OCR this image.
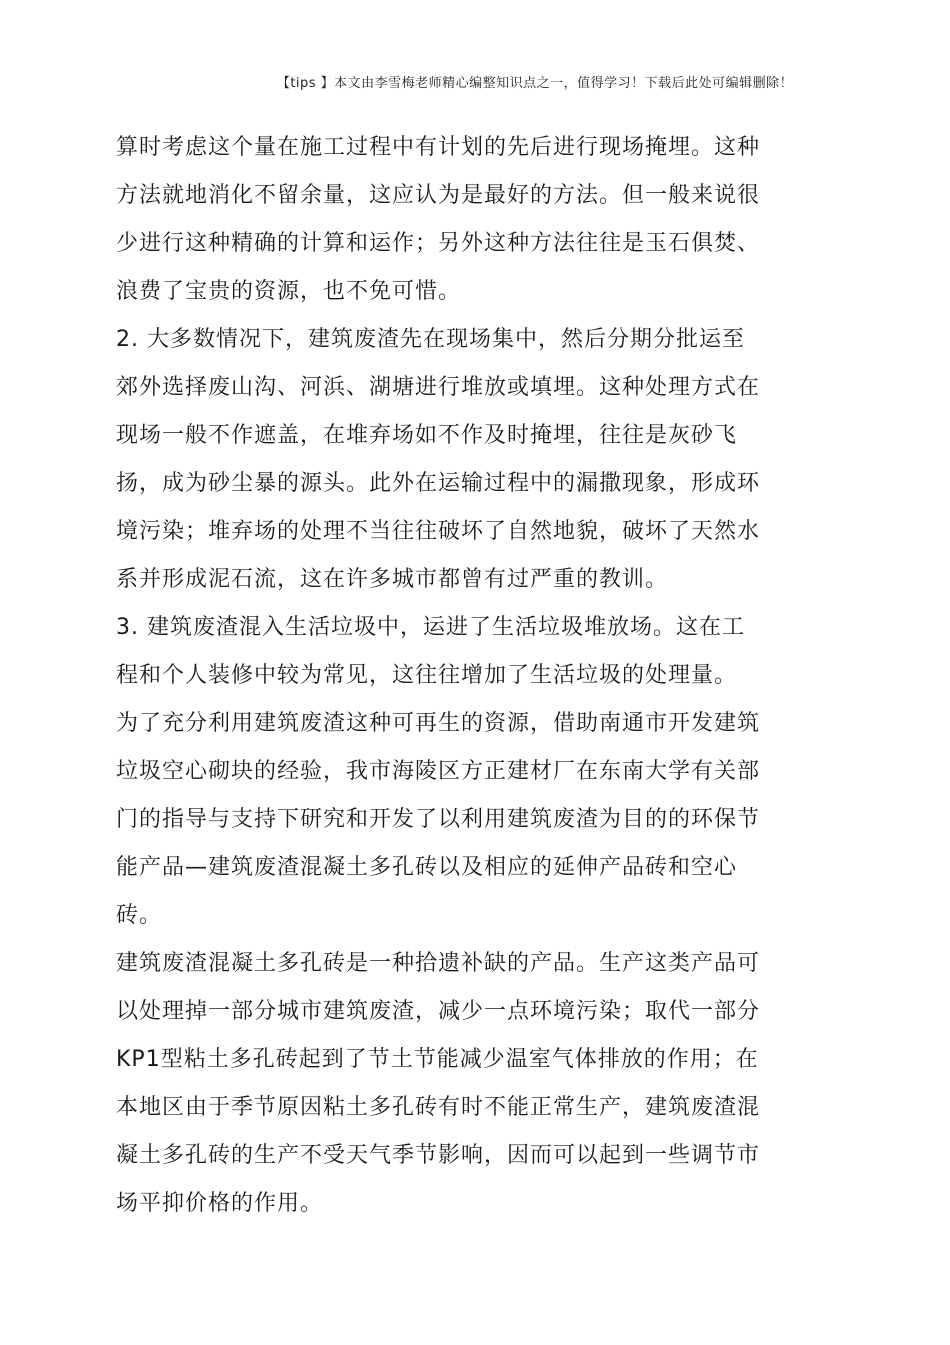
【tips 】本文由李雪梅老师精心编整知识点之一，值得学习！下载后此处可编辑删除！

算时考虑这个量在施工过程中有计划的先后进行现场掩埋。这种方法就地消化不留余量，这应认为是最好的方法。但一般来说很少进行这种精确的计算和运作；另外这种方法往往是玉石俱焚、浪费了宝贵的资源，也不免可惜。

2. 大多数情况下，建筑废渣先在现场集中，然后分期分批运至郊外选择废山沟、河浜、湖塘进行堆放或填埋。这种处理方式在现场一般不作遮盖，在堆弃场如不作及时掩埋，往往是灰砂飞扬，成为砂尘暴的源头。此外在运输过程中的漏撒现象，形成环境污染；堆弃场的处理不当往往破坏了自然地貌，破坏了天然水系并形成泥石流，这在许多城市都曾有过严重的教训。

3. 建筑废渣混入生活垃圾中，运进了生活垃圾堆放场。这在工程和个人装修中较为常见，这往往增加了生活垃圾的处理量。

为了充分利用建筑废渣这种可再生的资源，借助南通市开发建筑垃圾空心砌块的经验，我市海陵区方正建材厂在东南大学有关部门的指导与支持下研究和开发了以利用建筑废渣为目的的环保节能产品—建筑废渣混凝土多孔砖以及相应的延伸产品砖和空心砖。

建筑废渣混凝土多孔砖是一种拾遗补缺的产品。生产这类产品可以处理掉一部分城市建筑废渣，减少一点环境污染；取代一部分KP1型粘土多孔砖起到了节土节能减少温室气体排放的作用；在本地区由于季节原因粘土多孔砖有时不能正常生产，建筑废渣混凝土多孔砖的生产不受天气季节影响，因而可以起到一些调节市场平抑价格的作用。
